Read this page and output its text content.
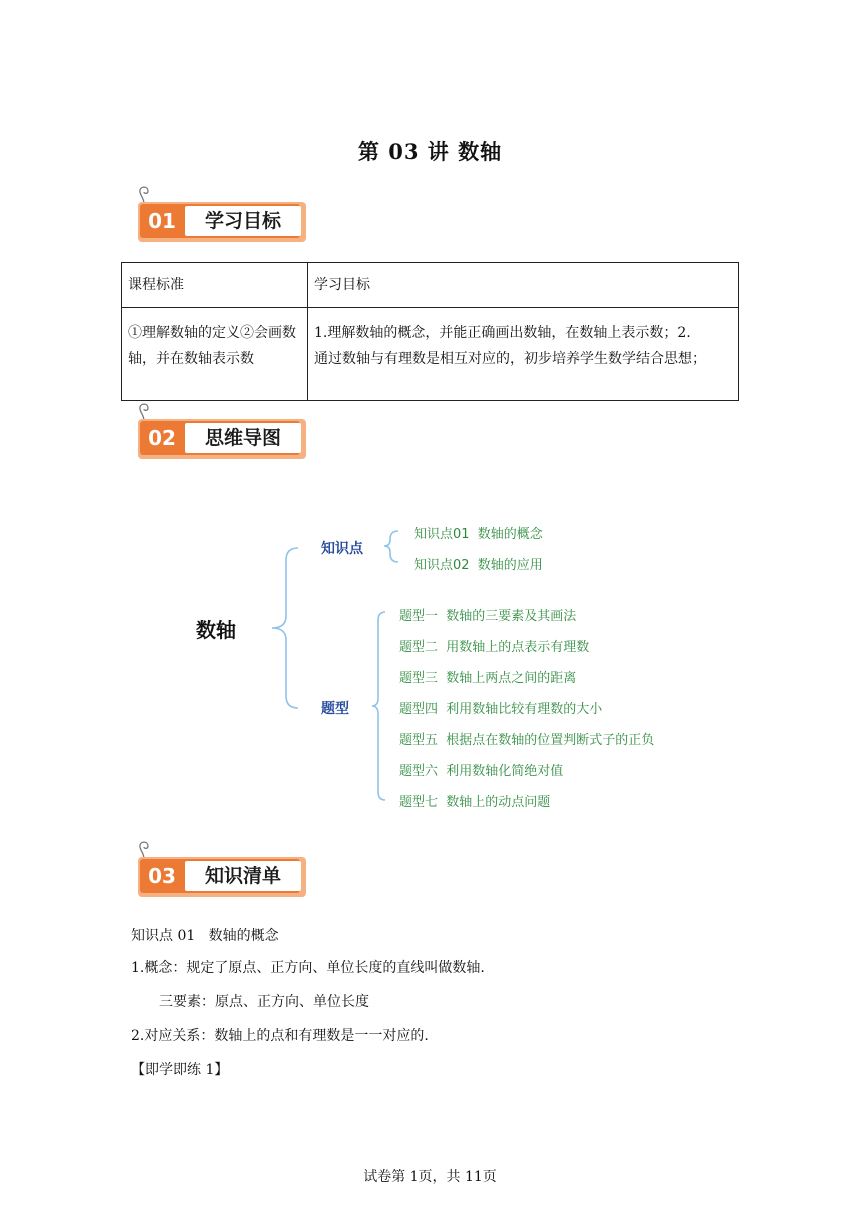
第 03 讲 数轴
01	学习目标
课程标准	学习目标
①理解数轴的定义②会画数轴，并在数轴表示数	1.理解数轴的概念，并能正确画出数轴，在数轴上表示数；2.
通过数轴与有理数是相互对应的，初步培养学生数学结合思想；
02	思维导图
数轴
知识点
题型
知识点01  数轴的概念
知识点02  数轴的应用
题型一  数轴的三要素及其画法
题型二  用数轴上的点表示有理数
题型三  数轴上两点之间的距离
题型四  利用数轴比较有理数的大小
题型五  根据点在数轴的位置判断式子的正负
题型六  利用数轴化简绝对值
题型七  数轴上的动点问题
03	知识清单
知识点 01   数轴的概念
1.概念：规定了原点、正方向、单位长度的直线叫做数轴.
三要素：原点、正方向、单位长度
2.对应关系：数轴上的点和有理数是一一对应的.
【即学即练 1】
试卷第 1页，共 11页
